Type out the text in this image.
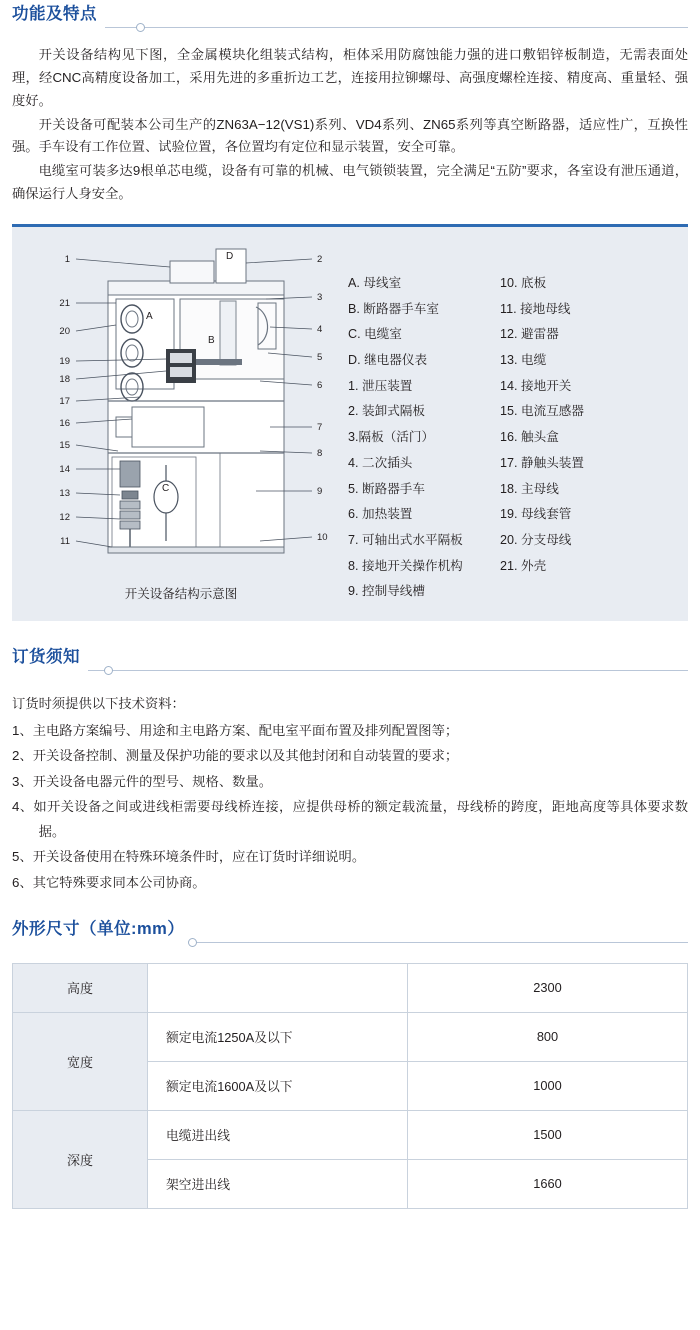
功能及特点

开关设备结构见下图，全金属模块化组装式结构，柜体采用防腐蚀能力强的进口敷铝锌板制造，无需表面处理，经CNC高精度设备加工，采用先进的多重折边工艺，连接用拉铆螺母、高强度螺栓连接、精度高、重量轻、强度好。

开关设备可配装本公司生产的ZN63A−12(VS1)系列、VD4系列、ZN65系列等真空断路器，适应性广，互换性强。手车设有工作位置、试验位置，各位置均有定位和显示装置，安全可靠。

电缆室可装多达9根单芯电缆，设备有可靠的机械、电气锁锁装置，完全满足“五防”要求，各室设有泄压通道，确保运行人身安全。

1
21
20
19
18
17
16
15
14
13
12
11
2
3
4
5
6
7
8
9
10
D
A
B
C
开关设备结构示意图
A. 母线室
B. 断路器手车室
C. 电缆室
D. 继电器仪表
1. 泄压装置
2. 装卸式隔板
3.隔板（活门）
4. 二次插头
5. 断路器手车
6. 加热装置
7. 可轴出式水平隔板
8. 接地开关操作机构
9. 控制导线槽
10. 底板
11. 接地母线
12. 避雷器
13. 电缆
14. 接地开关
15. 电流互感器
16. 触头盒
17. 静触头装置
18. 主母线
19. 母线套管
20. 分支母线
21. 外壳
订货须知

订货时须提供以下技术资料：

1、主电路方案编号、用途和主电路方案、配电室平面布置及排列配置图等；

2、开关设备控制、测量及保护功能的要求以及其他封闭和自动装置的要求；

3、开关设备电器元件的型号、规格、数量。

4、如开关设备之间或进线柜需要母线桥连接，应提供母桥的额定载流量，母线桥的跨度，距地高度等具体要求数据。

5、开关设备使用在特殊环境条件时，应在订货时详细说明。

6、其它特殊要求同本公司协商。

外形尺寸（单位:mm）
高度		2300
宽度	额定电流1250A及以下	800
	额定电流1600A及以下	1000
深度	电缆进出线	1500
	架空进出线	1660
